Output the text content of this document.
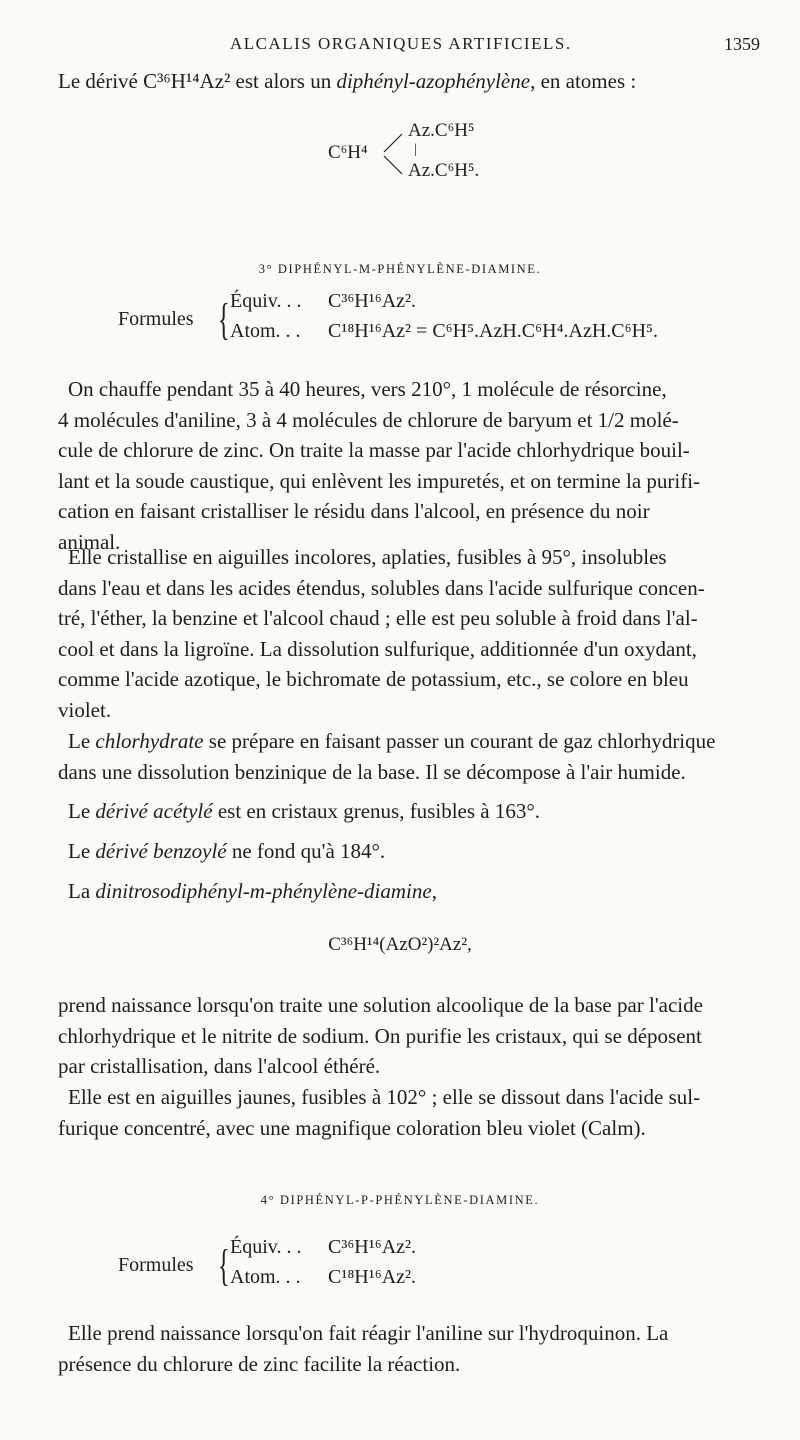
ALCALIS ORGANIQUES ARTIFICIELS.	1359
Le dérivé C³⁶H¹⁴Az² est alors un diphényl-azophénylène, en atomes :
C⁶H⁴
Az.C⁶H⁵
|
Az.C⁶H⁵.
3° DIPHÉNYL-M-PHÉNYLÈNE-DIAMINE.
Formules { Équiv. . . C³⁶H¹⁶Az².
Atom. . . C¹⁸H¹⁶Az² = C⁶H⁵.AzH.C⁶H⁴.AzH.C⁶H⁵.
On chauffe pendant 35 à 40 heures, vers 210°, 1 molécule de résorcine,
4 molécules d'aniline, 3 à 4 molécules de chlorure de baryum et 1/2 molé-
cule de chlorure de zinc. On traite la masse par l'acide chlorhydrique bouil-
lant et la soude caustique, qui enlèvent les impuretés, et on termine la purifi-
cation en faisant cristalliser le résidu dans l'alcool, en présence du noir
animal.
Elle cristallise en aiguilles incolores, aplaties, fusibles à 95°, insolubles
dans l'eau et dans les acides étendus, solubles dans l'acide sulfurique concen-
tré, l'éther, la benzine et l'alcool chaud ; elle est peu soluble à froid dans l'al-
cool et dans la ligroïne. La dissolution sulfurique, additionnée d'un oxydant,
comme l'acide azotique, le bichromate de potassium, etc., se colore en bleu
violet.
Le chlorhydrate se prépare en faisant passer un courant de gaz chlorhydrique
dans une dissolution benzinique de la base. Il se décompose à l'air humide.
Le dérivé acétylé est en cristaux grenus, fusibles à 163°.
Le dérivé benzoylé ne fond qu'à 184°.
La dinitrosodiphényl-m-phénylène-diamine,
C³⁶H¹⁴(AzO²)²Az²,
prend naissance lorsqu'on traite une solution alcoolique de la base par l'acide
chlorhydrique et le nitrite de sodium. On purifie les cristaux, qui se déposent
par cristallisation, dans l'alcool éthéré.
Elle est en aiguilles jaunes, fusibles à 102° ; elle se dissout dans l'acide sul-
furique concentré, avec une magnifique coloration bleu violet (Calm).
4° DIPHÉNYL-P-PHÉNYLÈNE-DIAMINE.
Formules { Équiv. . . C³⁶H¹⁶Az².
Atom. . . C¹⁸H¹⁶Az².
Elle prend naissance lorsqu'on fait réagir l'aniline sur l'hydroquinon. La
présence du chlorure de zinc facilite la réaction.
